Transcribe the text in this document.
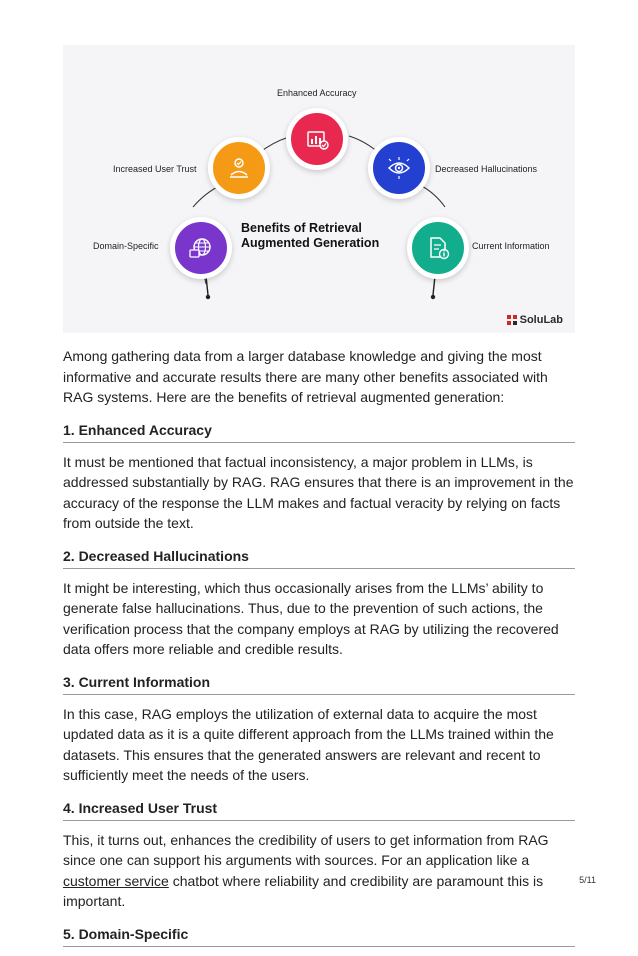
Enhanced Accuracy
Increased User Trust	Decreased Hallucinations
Domain-Specific	Current Information
Benefits of Retrieval Augmented Generation
SoluLab

Among gathering data from a larger database knowledge and giving the most informative and accurate results there are many other benefits associated with RAG systems. Here are the benefits of retrieval augmented generation:

1. Enhanced Accuracy

It must be mentioned that factual inconsistency, a major problem in LLMs, is addressed substantially by RAG. RAG ensures that there is an improvement in the accuracy of the response the LLM makes and factual veracity by relying on facts from outside the text.

2. Decreased Hallucinations

It might be interesting, which thus occasionally arises from the LLMs’ ability to generate false hallucinations. Thus, due to the prevention of such actions, the verification process that the company employs at RAG by utilizing the recovered data offers more reliable and credible results.

3. Current Information

In this case, RAG employs the utilization of external data to acquire the most updated data as it is a quite different approach from the LLMs trained within the datasets. This ensures that the generated answers are relevant and recent to sufficiently meet the needs of the users.

4. Increased User Trust

This, it turns out, enhances the credibility of users to get information from RAG since one can support his arguments with sources. For an application like a customer service chatbot where reliability and credibility are paramount this is important.

5. Domain-Specific
5/11
